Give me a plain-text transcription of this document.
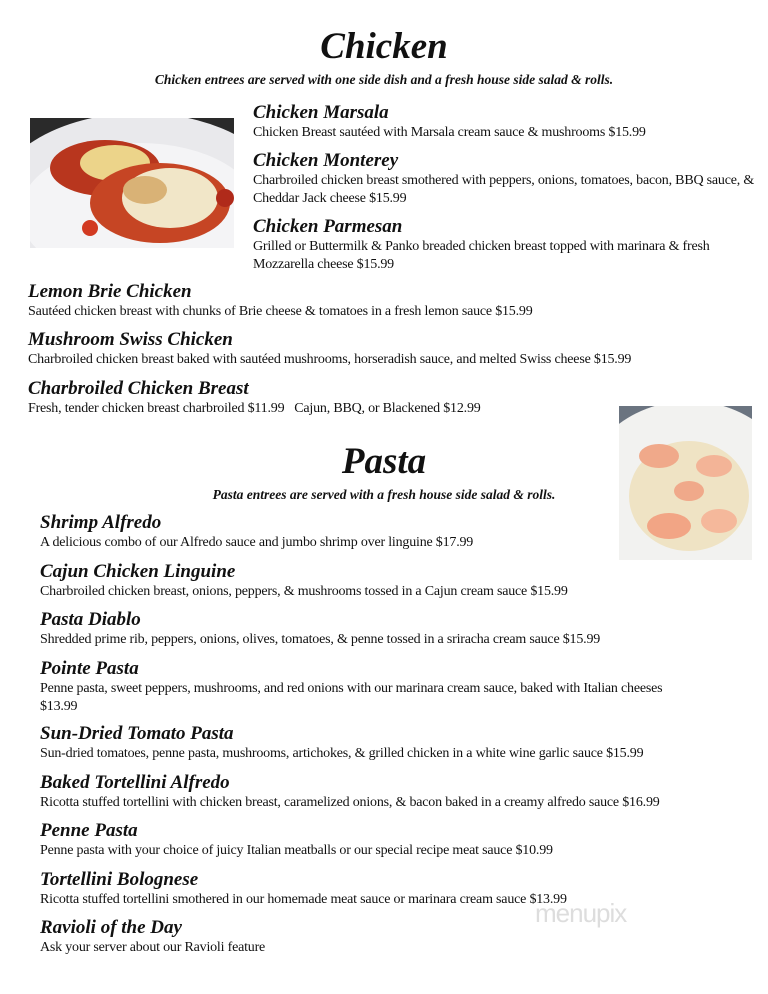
Chicken
Chicken entrees are served with one side dish and a fresh house side salad & rolls.
Chicken Marsala
Chicken Breast sautéed with Marsala cream sauce & mushrooms $15.99
Chicken Monterey
Charbroiled chicken breast smothered with peppers, onions, tomatoes, bacon, BBQ sauce, & Cheddar Jack cheese $15.99
Chicken Parmesan
Grilled or Buttermilk & Panko breaded chicken breast topped with marinara & fresh Mozzarella cheese $15.99
Lemon Brie Chicken
Sautéed chicken breast with chunks of Brie cheese & tomatoes in a fresh lemon sauce $15.99
Mushroom Swiss Chicken
Charbroiled chicken breast baked with sautéed mushrooms, horseradish sauce, and melted Swiss cheese $15.99
Charbroiled Chicken Breast
Fresh, tender chicken breast charbroiled $11.99   Cajun, BBQ, or Blackened $12.99
Pasta
Pasta entrees are served with a fresh house side salad & rolls.
Shrimp Alfredo
A delicious combo of our Alfredo sauce and jumbo shrimp over linguine $17.99
Cajun Chicken Linguine
Charbroiled chicken breast, onions, peppers, & mushrooms tossed in a Cajun cream sauce $15.99
Pasta Diablo
Shredded prime rib, peppers, onions, olives, tomatoes, & penne tossed in a sriracha cream sauce $15.99
Pointe Pasta
Penne pasta, sweet peppers, mushrooms, and red onions with our marinara cream sauce, baked with Italian cheeses $13.99
Sun-Dried Tomato Pasta
Sun-dried tomatoes, penne pasta, mushrooms, artichokes, & grilled chicken in a white wine garlic sauce $15.99
Baked Tortellini Alfredo
Ricotta stuffed tortellini with chicken breast, caramelized onions, & bacon baked in a creamy alfredo sauce $16.99
Penne Pasta
Penne pasta with your choice of juicy Italian meatballs or our special recipe meat sauce $10.99
Tortellini Bolognese
Ricotta stuffed tortellini smothered in our homemade meat sauce or marinara cream sauce $13.99
Ravioli of the Day
Ask your server about our Ravioli feature
menupix
